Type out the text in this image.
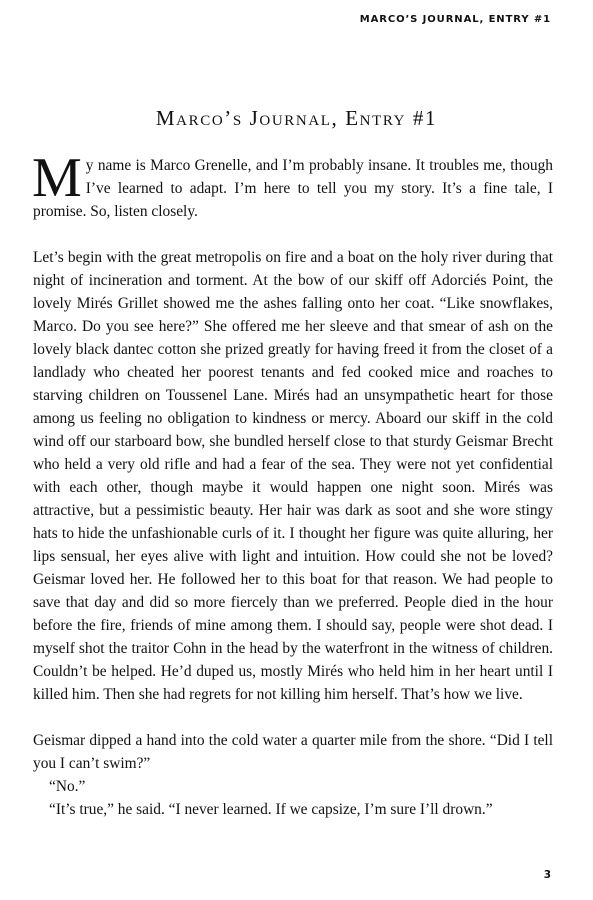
MARCO’S JOURNAL, ENTRY #1
Marco’s Journal, Entry #1

My name is Marco Grenelle, and I’m probably insane. It troubles me, though I’ve learned to adapt. I’m here to tell you my story. It’s a fine tale, I promise. So, listen closely.

Let’s begin with the great metropolis on fire and a boat on the holy river during that night of incineration and torment. At the bow of our skiff off Adorciés Point, the lovely Mirés Grillet showed me the ashes falling onto her coat. “Like snowflakes, Marco. Do you see here?” She offered me her sleeve and that smear of ash on the lovely black dantec cotton she prized greatly for having freed it from the closet of a landlady who cheated her poorest tenants and fed cooked mice and roaches to starving children on Toussenel Lane. Mirés had an unsympathetic heart for those among us feeling no obligation to kindness or mercy. Aboard our skiff in the cold wind off our starboard bow, she bundled herself close to that sturdy Geismar Brecht who held a very old rifle and had a fear of the sea. They were not yet confidential with each other, though maybe it would happen one night soon. Mirés was attractive, but a pessimistic beauty. Her hair was dark as soot and she wore stingy hats to hide the unfashionable curls of it. I thought her figure was quite alluring, her lips sensual, her eyes alive with light and intuition. How could she not be loved? Geismar loved her. He followed her to this boat for that reason. We had people to save that day and did so more fiercely than we preferred. People died in the hour before the fire, friends of mine among them. I should say, people were shot dead. I myself shot the traitor Cohn in the head by the waterfront in the witness of children. Couldn’t be helped. He’d duped us, mostly Mirés who held him in her heart until I killed him. Then she had regrets for not killing him herself. That’s how we live.

Geismar dipped a hand into the cold water a quarter mile from the shore. “Did I tell you I can’t swim?”

“No.”

“It’s true,” he said. “I never learned. If we capsize, I’m sure I’ll drown.”

3
